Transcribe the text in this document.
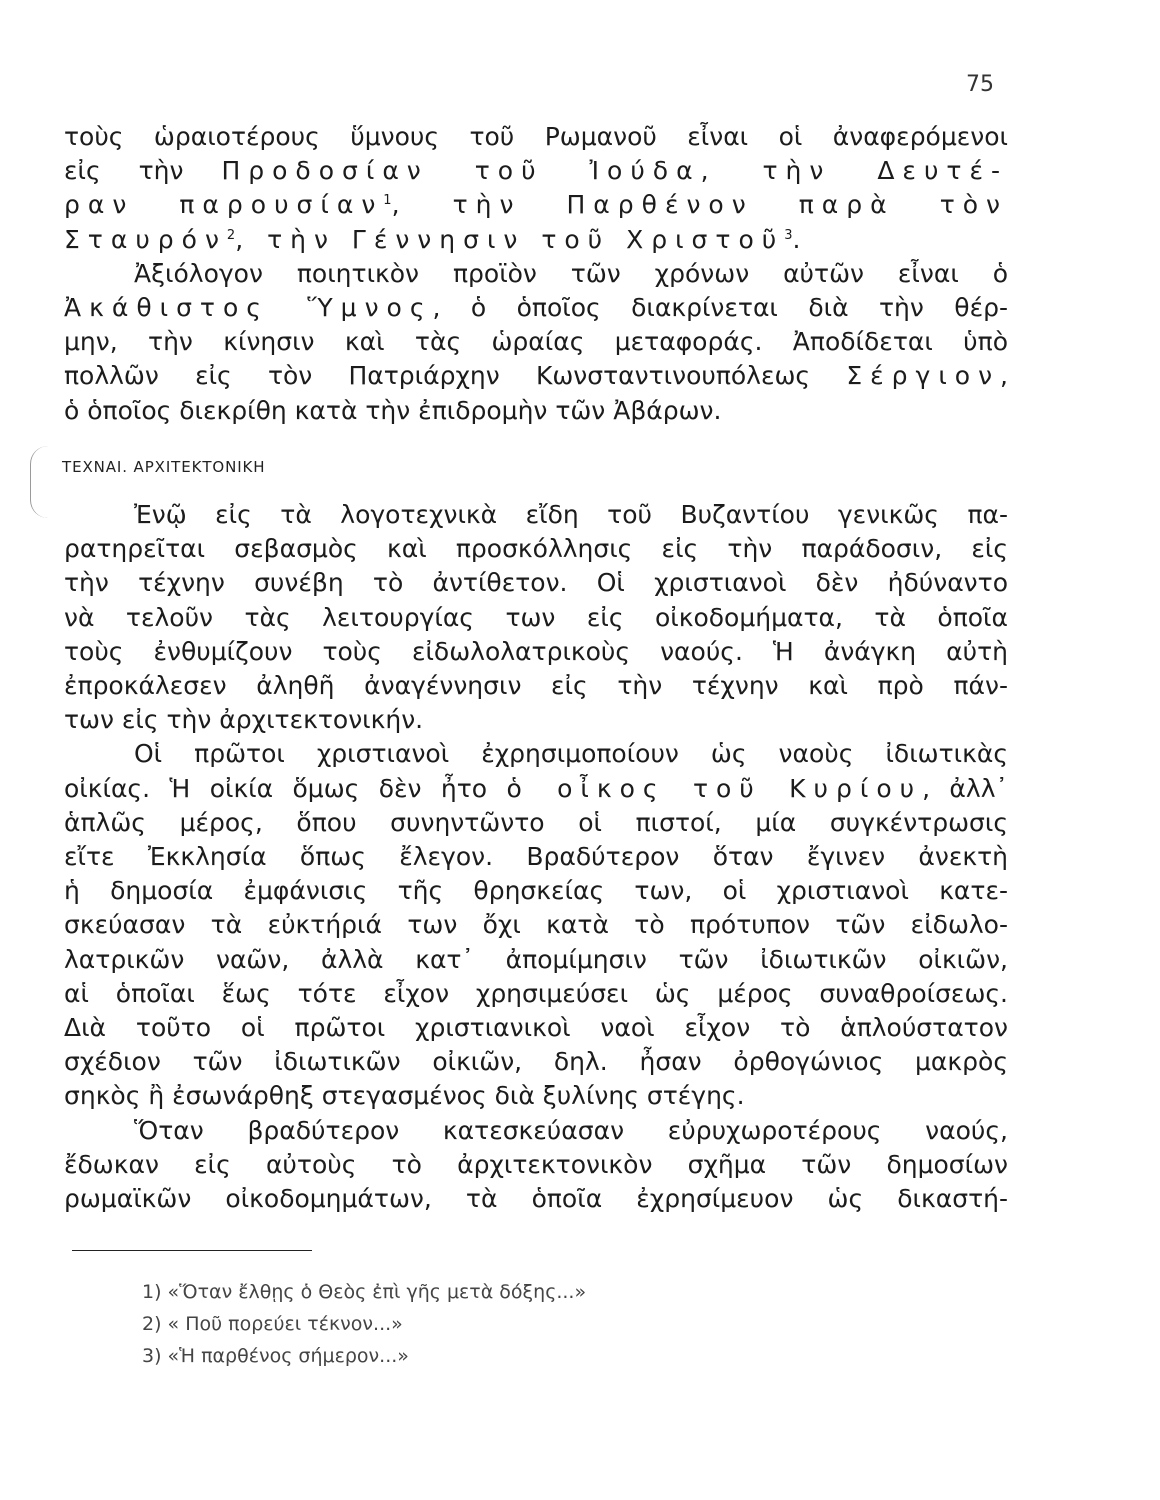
75
τοὺς ὡραιοτέρους ὕμνους τοῦ Ρωμανοῦ εἶναι οἱ ἀναφερόμενοι
εἰς τὴν Προδοσίαν τοῦ Ἰούδα, τὴν Δευτέ-
ραν παρουσίαν$^1$, τὴν Παρθένον παρὰ τὸν
Σταυρόν$^2$, τὴν Γέννησιν τοῦ Χριστοῦ$^3$.
Ἀξιόλογον ποιητικὸν προϊὸν τῶν χρόνων αὐτῶν εἶναι ὁ
Ἀκάθιστος Ὕμνος, ὁ ὁποῖος διακρίνεται διὰ τὴν θέρ-
μην, τὴν κίνησιν καὶ τὰς ὡραίας μεταφοράς. Ἀποδίδεται ὑπὸ
πολλῶν εἰς τὸν Πατριάρχην Κωνσταντινουπόλεως Σέργιον,
ὁ ὁποῖος διεκρίθη κατὰ τὴν ἐπιδρομὴν τῶν Ἀβάρων.
ΤΕΧΝΑΙ. ΑΡΧΙΤΕΚΤΟΝΙΚΗ
Ἐνῷ εἰς τὰ λογοτεχνικὰ εἴδη τοῦ Βυζαντίου γενικῶς πα-
ρατηρεῖται σεβασμὸς καὶ προσκόλλησις εἰς τὴν παράδοσιν, εἰς
τὴν τέχνην συνέβη τὸ ἀντίθετον. Οἱ χριστιανοὶ δὲν ἠδύναντο
νὰ τελοῦν τὰς λειτουργίας των εἰς οἰκοδομήματα, τὰ ὁποῖα
τοὺς ἐνθυμίζουν τοὺς εἰδωλολατρικοὺς ναούς. Ἡ ἀνάγκη αὐτὴ
ἐπροκάλεσεν ἀληθῆ ἀναγέννησιν εἰς τὴν τέχνην καὶ πρὸ πάν-
των εἰς τὴν ἀρχιτεκτονικήν.
Οἱ πρῶτοι χριστιανοὶ ἐχρησιμοποίουν ὡς ναοὺς ἰδιωτικὰς
οἰκίας. Ἡ οἰκία ὅμως δὲν ἦτο ὁ οἶκος τοῦ Κυρίου, ἀλλ᾽
ἁπλῶς μέρος, ὅπου συνηντῶντο οἱ πιστοί, μία συγκέντρωσις
εἴτε Ἐκκλησία ὅπως ἔλεγον. Βραδύτερον ὅταν ἔγινεν ἀνεκτὴ
ἡ δημοσία ἐμφάνισις τῆς θρησκείας των, οἱ χριστιανοὶ κατε-
σκεύασαν τὰ εὐκτήριά των ὄχι κατὰ τὸ πρότυπον τῶν εἰδωλο-
λατρικῶν ναῶν, ἀλλὰ κατ᾽ ἀπομίμησιν τῶν ἰδιωτικῶν οἰκιῶν,
αἱ ὁποῖαι ἕως τότε εἶχον χρησιμεύσει ὡς μέρος συναθροίσεως.
Διὰ τοῦτο οἱ πρῶτοι χριστιανικοὶ ναοὶ εἶχον τὸ ἁπλούστατον
σχέδιον τῶν ἰδιωτικῶν οἰκιῶν, δηλ. ἦσαν ὀρθογώνιος μακρὸς
σηκὸς ἢ ἐσωνάρθηξ στεγασμένος διὰ ξυλίνης στέγης.
Ὅταν βραδύτερον κατεσκεύασαν εὐρυχωροτέρους ναούς,
ἔδωκαν εἰς αὐτοὺς τὸ ἀρχιτεκτονικὸν σχῆμα τῶν δημοσίων
ρωμαϊκῶν οἰκοδομημάτων, τὰ ὁποῖα ἐχρησίμευον ὡς δικαστή-
1) «Ὅταν ἔλθῃς ὁ Θεὸς ἐπὶ γῆς μετὰ δόξης...»
2) « Ποῦ πορεύει τέκνον...»
3) «Ἡ παρθένος σήμερον...»
